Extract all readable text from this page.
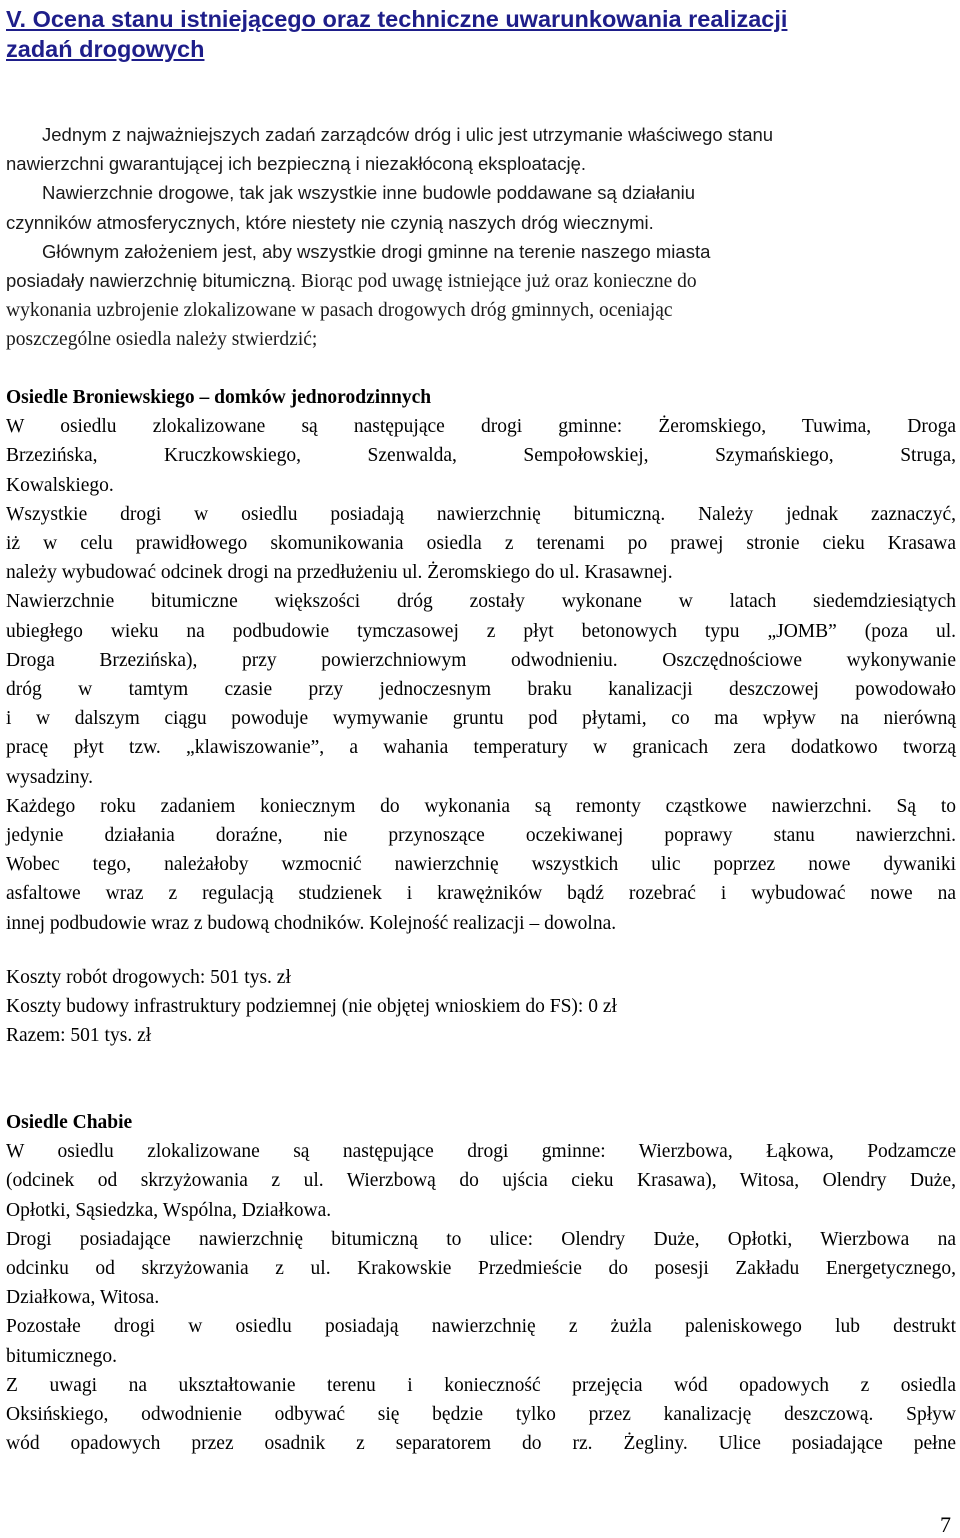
V. Ocena stanu istniejącego oraz techniczne uwarunkowania realizacji
zadań drogowych
Jednym z najważniejszych zadań zarządców dróg i ulic jest utrzymanie właściwego stanu
nawierzchni gwarantującej ich bezpieczną i niezakłóconą eksploatację.
Nawierzchnie drogowe, tak jak wszystkie inne budowle poddawane są działaniu
czynników atmosferycznych, które niestety nie czynią naszych dróg wiecznymi.
Głównym założeniem jest, aby wszystkie drogi gminne na terenie naszego miasta
posiadały nawierzchnię bitumiczną. Biorąc pod uwagę istniejące już oraz konieczne do
wykonania uzbrojenie zlokalizowane w pasach drogowych dróg gminnych, oceniając
poszczególne osiedla należy stwierdzić;
Osiedle Broniewskiego – domków jednorodzinnych
W osiedlu zlokalizowane są następujące drogi gminne: Żeromskiego, Tuwima, Droga
Brzezińska, Kruczkowskiego, Szenwalda, Sempołowskiej, Szymańskiego, Struga,
Kowalskiego.
Wszystkie drogi w osiedlu posiadają nawierzchnię bitumiczną. Należy jednak zaznaczyć,
iż w celu prawidłowego skomunikowania osiedla z terenami po prawej stronie cieku Krasawa
należy wybudować odcinek drogi na przedłużeniu ul. Żeromskiego do ul. Krasawnej.
Nawierzchnie bitumiczne większości dróg zostały wykonane w latach siedemdziesiątych
ubiegłego wieku na podbudowie tymczasowej z płyt betonowych typu „JOMB” (poza ul.
Droga Brzezińska), przy powierzchniowym odwodnieniu. Oszczędnościowe wykonywanie
dróg w tamtym czasie przy jednoczesnym braku kanalizacji deszczowej powodowało
i w dalszym ciągu powoduje wymywanie gruntu pod płytami, co ma wpływ na nierówną
pracę płyt tzw. „klawiszowanie”, a wahania temperatury w granicach zera dodatkowo tworzą
wysadziny.
Każdego roku zadaniem koniecznym do wykonania są remonty cząstkowe nawierzchni. Są to
jedynie działania doraźne, nie przynoszące oczekiwanej poprawy stanu nawierzchni.
Wobec tego, należałoby wzmocnić nawierzchnię wszystkich ulic poprzez nowe dywaniki
asfaltowe wraz z regulacją studzienek i krawężników bądź rozebrać i wybudować nowe na
innej podbudowie wraz z budową chodników. Kolejność realizacji – dowolna.
Koszty robót drogowych: 501 tys. zł
Koszty budowy infrastruktury podziemnej (nie objętej wnioskiem do FS): 0 zł
Razem: 501 tys. zł
Osiedle Chabie
W osiedlu zlokalizowane są następujące drogi gminne: Wierzbowa, Łąkowa, Podzamcze
(odcinek od skrzyżowania z ul. Wierzbową do ujścia cieku Krasawa), Witosa, Olendry Duże,
Opłotki, Sąsiedzka, Wspólna, Działkowa.
Drogi posiadające nawierzchnię bitumiczną to ulice: Olendry Duże, Opłotki, Wierzbowa na
odcinku od skrzyżowania z ul. Krakowskie Przedmieście do posesji Zakładu Energetycznego,
Działkowa, Witosa.
Pozostałe drogi w osiedlu posiadają nawierzchnię z żużla paleniskowego lub destrukt
bitumicznego.
Z uwagi na ukształtowanie terenu i konieczność przejęcia wód opadowych z osiedla
Oksińskiego, odwodnienie odbywać się będzie tylko przez kanalizację deszczową. Spływ
wód opadowych przez osadnik z separatorem do rz. Żegliny. Ulice posiadające pełne
7
